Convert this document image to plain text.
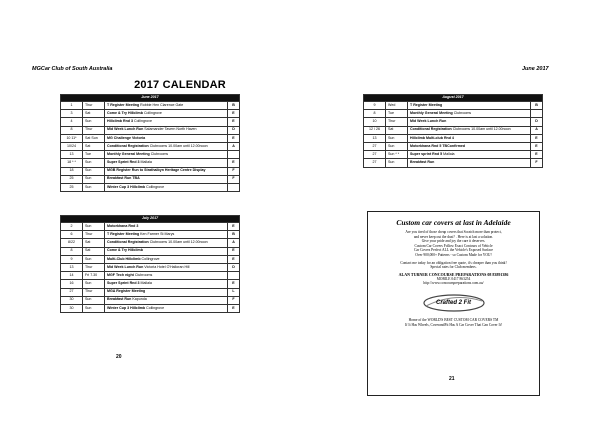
MGCar Club of South Australia	June 2017
2017 CALENDAR
June 2017			
1	Thur	T Register Meeting Robbie Hen Clarence Gate	B
3	Sat	Come & Try Hillclimb Collingrove	E
4	Sun	Hillclimb Rnd 3 Collingrove	E
8	Thur	Mid Week Lunch Run Salamander Tavern North Haven	D
10 11*	Sat Sun	MG Challenge Victoria	E
10/24	Sat	Conditional Registration Clubrooms 10.00am until 12.00noon	A
13	Tue	Monthly General Meeting Clubrooms	
18 * *	Sun	Super Sprint Rnd 3 Mallala	E
18	Sun	MGB Register Run to Strathalbyn Heritage Centre Display	F
25	Sun	Breakfast Run TBA	F
25	Sun	Winter Cup 3 Hillclimb Collingrove	
July 2017			
2	Sun	Motorkhana Rnd 3	E
6	Thur	T Register Meeting Ken Farmer St Marys	B
8/22	Sat	Conditional Registration Clubrooms 10.00am until 12.00noon	A
8	Sat	Come & Try Hillclimb	E
9	Sun	Multi-Club Hillclimb Collingrove	E
13	Thur	Mid Week Lunch Run Victoria Hotel O'Halloran Hill	D
14	Fri 7.30	MGF Tech night Clubrooms	
16	Sun	Super Sprint Rnd 3 Mallala	E
27	Thur	MGA Register Meeting	L
30	Sun	Breakfast Run Kapunda	F
30	Sun	Winter Cup 3 Hillclimb Collingrove	E
August 2017			
9	Wed	T Register Meeting	B
8	Tue	Monthly General Meeting Clubrooms	
10	Thur	Mid Week Lunch Run	D
12 / 26	Sat	Conditional Registration Clubrooms 10.00am until 12.00noon	A
13	Sun	Hillclimb Multi-club Rnd 4	E
27	Sun	Motorkhana Rnd 5 TBConfirmed	E
27	Sun * *	Super sprint Rnd 5 Mallala	E
27	Sun	Breakfast Run	F
Custom car covers at last in Adelaide
Are you tired of those cheap covers that Scratch more than protect,
and never keep out the dust? . Here is at last a solution.
Give your pride and joy the care it deserves.
Custom Car Covers Follow Exact Contours of Vehicle
Car Covers Perfect ALL the Vehicle's Exposed Surface
Over 900,000+ Patterns - so Custom Made for YOU!
Contact me today for an obligation free quote, it's cheaper than you think!
Special rates for Club members.
ALAN TURNER CONCOURSE PREPARATIONS 08 83891386
MOBILE 0417 863254
http://www.concourspreparations.com.au/
Crafted 2 Fit
Home of the WORLD'S BEST CUSTOM CAR COVERS TM
If It Has Wheels, CoverandFit Has A Car Cover That Can Cover It!
20
21
